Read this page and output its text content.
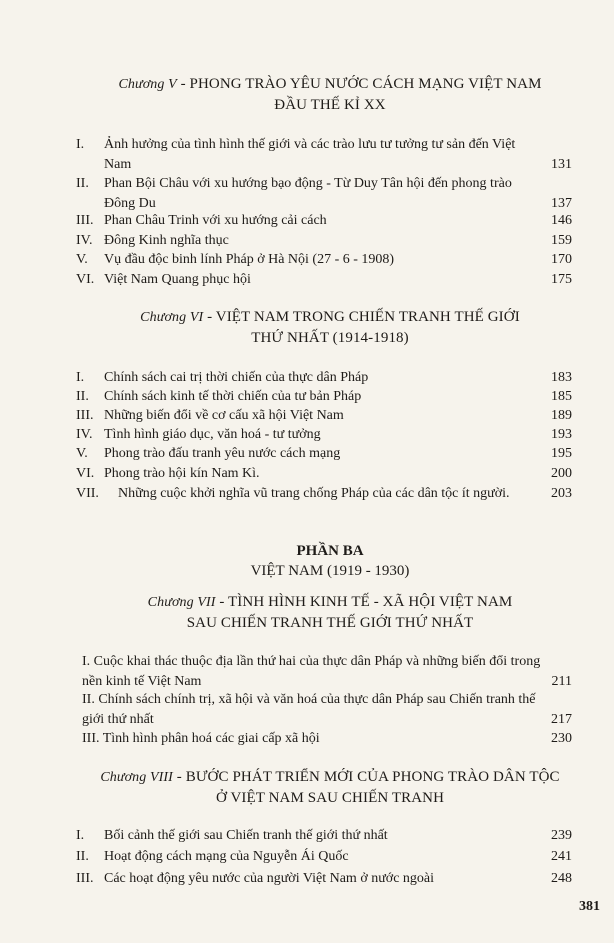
Chương V - PHONG TRÀO YÊU NƯỚC CÁCH MẠNG VIỆT NAM
ĐẦU THẾ KỈ XX
I.	Ảnh hưởng của tình hình thế giới và các trào lưu tư tưởng tư sản đến Việt Nam	131
II.	Phan Bội Châu với xu hướng bạo động - Từ Duy Tân hội đến phong trào Đông Du	137
III. Phan Châu Trinh với xu hướng cải cách	146
IV. Đông Kinh nghĩa thục	159
V.	Vụ đầu độc binh lính Pháp ở Hà Nội (27 - 6 - 1908)	170
VI. Việt Nam Quang phục hội	175
Chương VI - VIỆT NAM TRONG CHIẾN TRANH THẾ GIỚI
THỨ NHẤT (1914-1918)
I.	Chính sách cai trị thời chiến của thực dân Pháp	183
II.	Chính sách kinh tế thời chiến của tư bản Pháp	185
III. Những biến đổi về cơ cấu xã hội Việt Nam	189
IV. Tình hình giáo dục, văn hoá - tư tưởng	193
V.	Phong trào đấu tranh yêu nước cách mạng	195
VI. Phong trào hội kín Nam Kì.	200
VII.	Những cuộc khởi nghĩa vũ trang chống Pháp của các dân tộc ít người.	203
PHẦN BA
VIỆT NAM (1919 - 1930)
Chương VII - TÌNH HÌNH KINH TẾ - XÃ HỘI VIỆT NAM
SAU CHIẾN TRANH THẾ GIỚI THỨ NHẤT
I. Cuộc khai thác thuộc địa lần thứ hai của thực dân Pháp và những biến đổi trong nền kinh tế Việt Nam	211
II. Chính sách chính trị, xã hội và văn hoá của thực dân Pháp sau Chiến tranh thế giới thứ nhất	217
III. Tình hình phân hoá các giai cấp xã hội	230
Chương VIII - BƯỚC PHÁT TRIỂN MỚI CỦA PHONG TRÀO DÂN TỘC
Ở VIỆT NAM SAU CHIẾN TRANH
I.	Bối cảnh thế giới sau Chiến tranh thế giới thứ nhất	239
II.	Hoạt động cách mạng của Nguyễn Ái Quốc	241
III. Các hoạt động yêu nước của người Việt Nam ở nước ngoài	248
381
